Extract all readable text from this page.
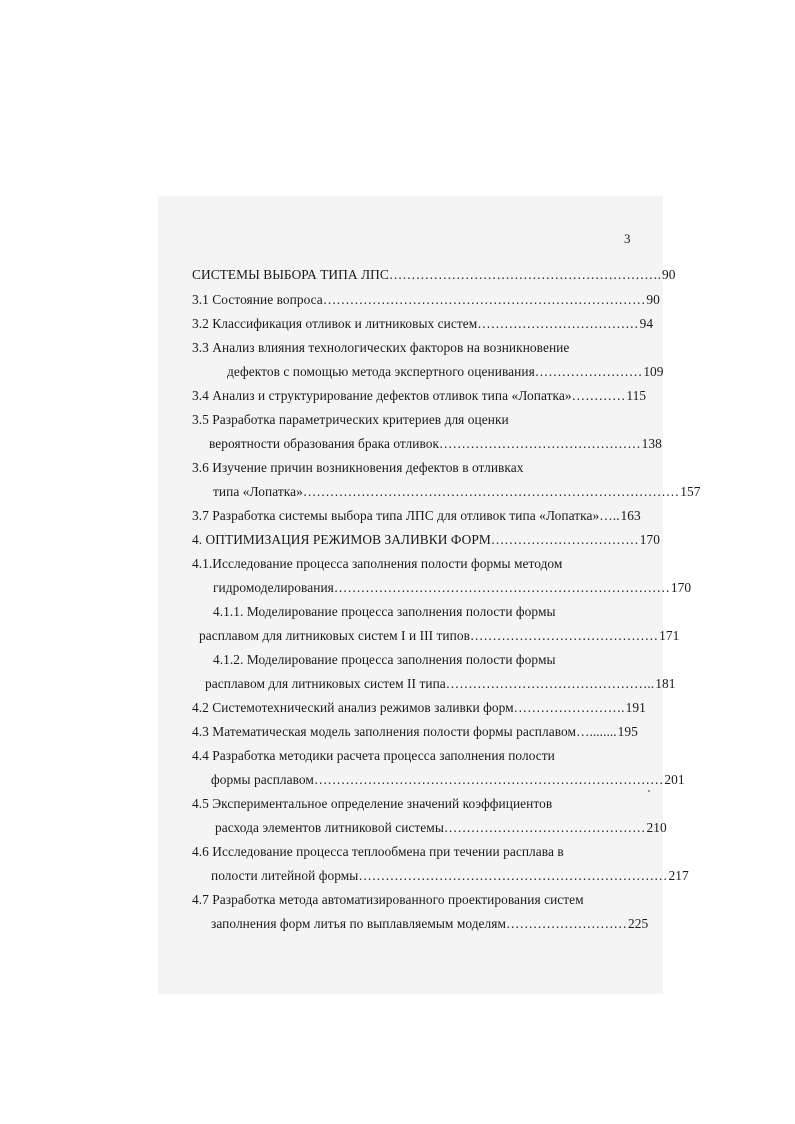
3
СИСТЕМЫ ВЫБОРА ТИПА ЛПС…………………………………………………….90
3.1 Состояние вопроса………………………………………………………………90
3.2 Классификация отливок и литниковых систем………………………………94
3.3 Анализ влияния технологических факторов на возникновение
дефектов с помощью метода экспертного оценивания……………………109
3.4 Анализ и структурирование дефектов отливок типа «Лопатка»…………115
3.5 Разработка параметрических критериев для оценки
вероятности образования брака отливок………………………………………138
3.6 Изучение причин возникновения дефектов в отливках
типа «Лопатка»…………………………………………………………………………157
3.7 Разработка системы выбора типа ЛПС для отливок типа «Лопатка»…..163
4. ОПТИМИЗАЦИЯ РЕЖИМОВ ЗАЛИВКИ ФОРМ……………………………170
4.1.Исследование процесса заполнения полости формы методом
гидромоделирования…………………………………………………………………170
4.1.1. Моделирование процесса заполнения полости формы
расплавом для литниковых систем I и III типов……………………………………171
4.1.2. Моделирование процесса заполнения полости формы
расплавом для литниковых систем II типа………………………………………..181
4.2 Системотехнический анализ режимов заливки форм…………………….191
4.3 Математическая модель заполнения полости формы расплавом…........195
4.4 Разработка методики расчета процесса заполнения полости
формы расплавом……………………………………………………………………201
4.5 Экспериментальное определение значений коэффициентов
расхода элементов литниковой системы………………………………………210
4.6 Исследование процесса теплообмена при течении расплава в
полости литейной формы……………………………………………………………217
4.7 Разработка метода автоматизированного проектирования систем
заполнения форм литья по выплавляемым моделям………………………225
